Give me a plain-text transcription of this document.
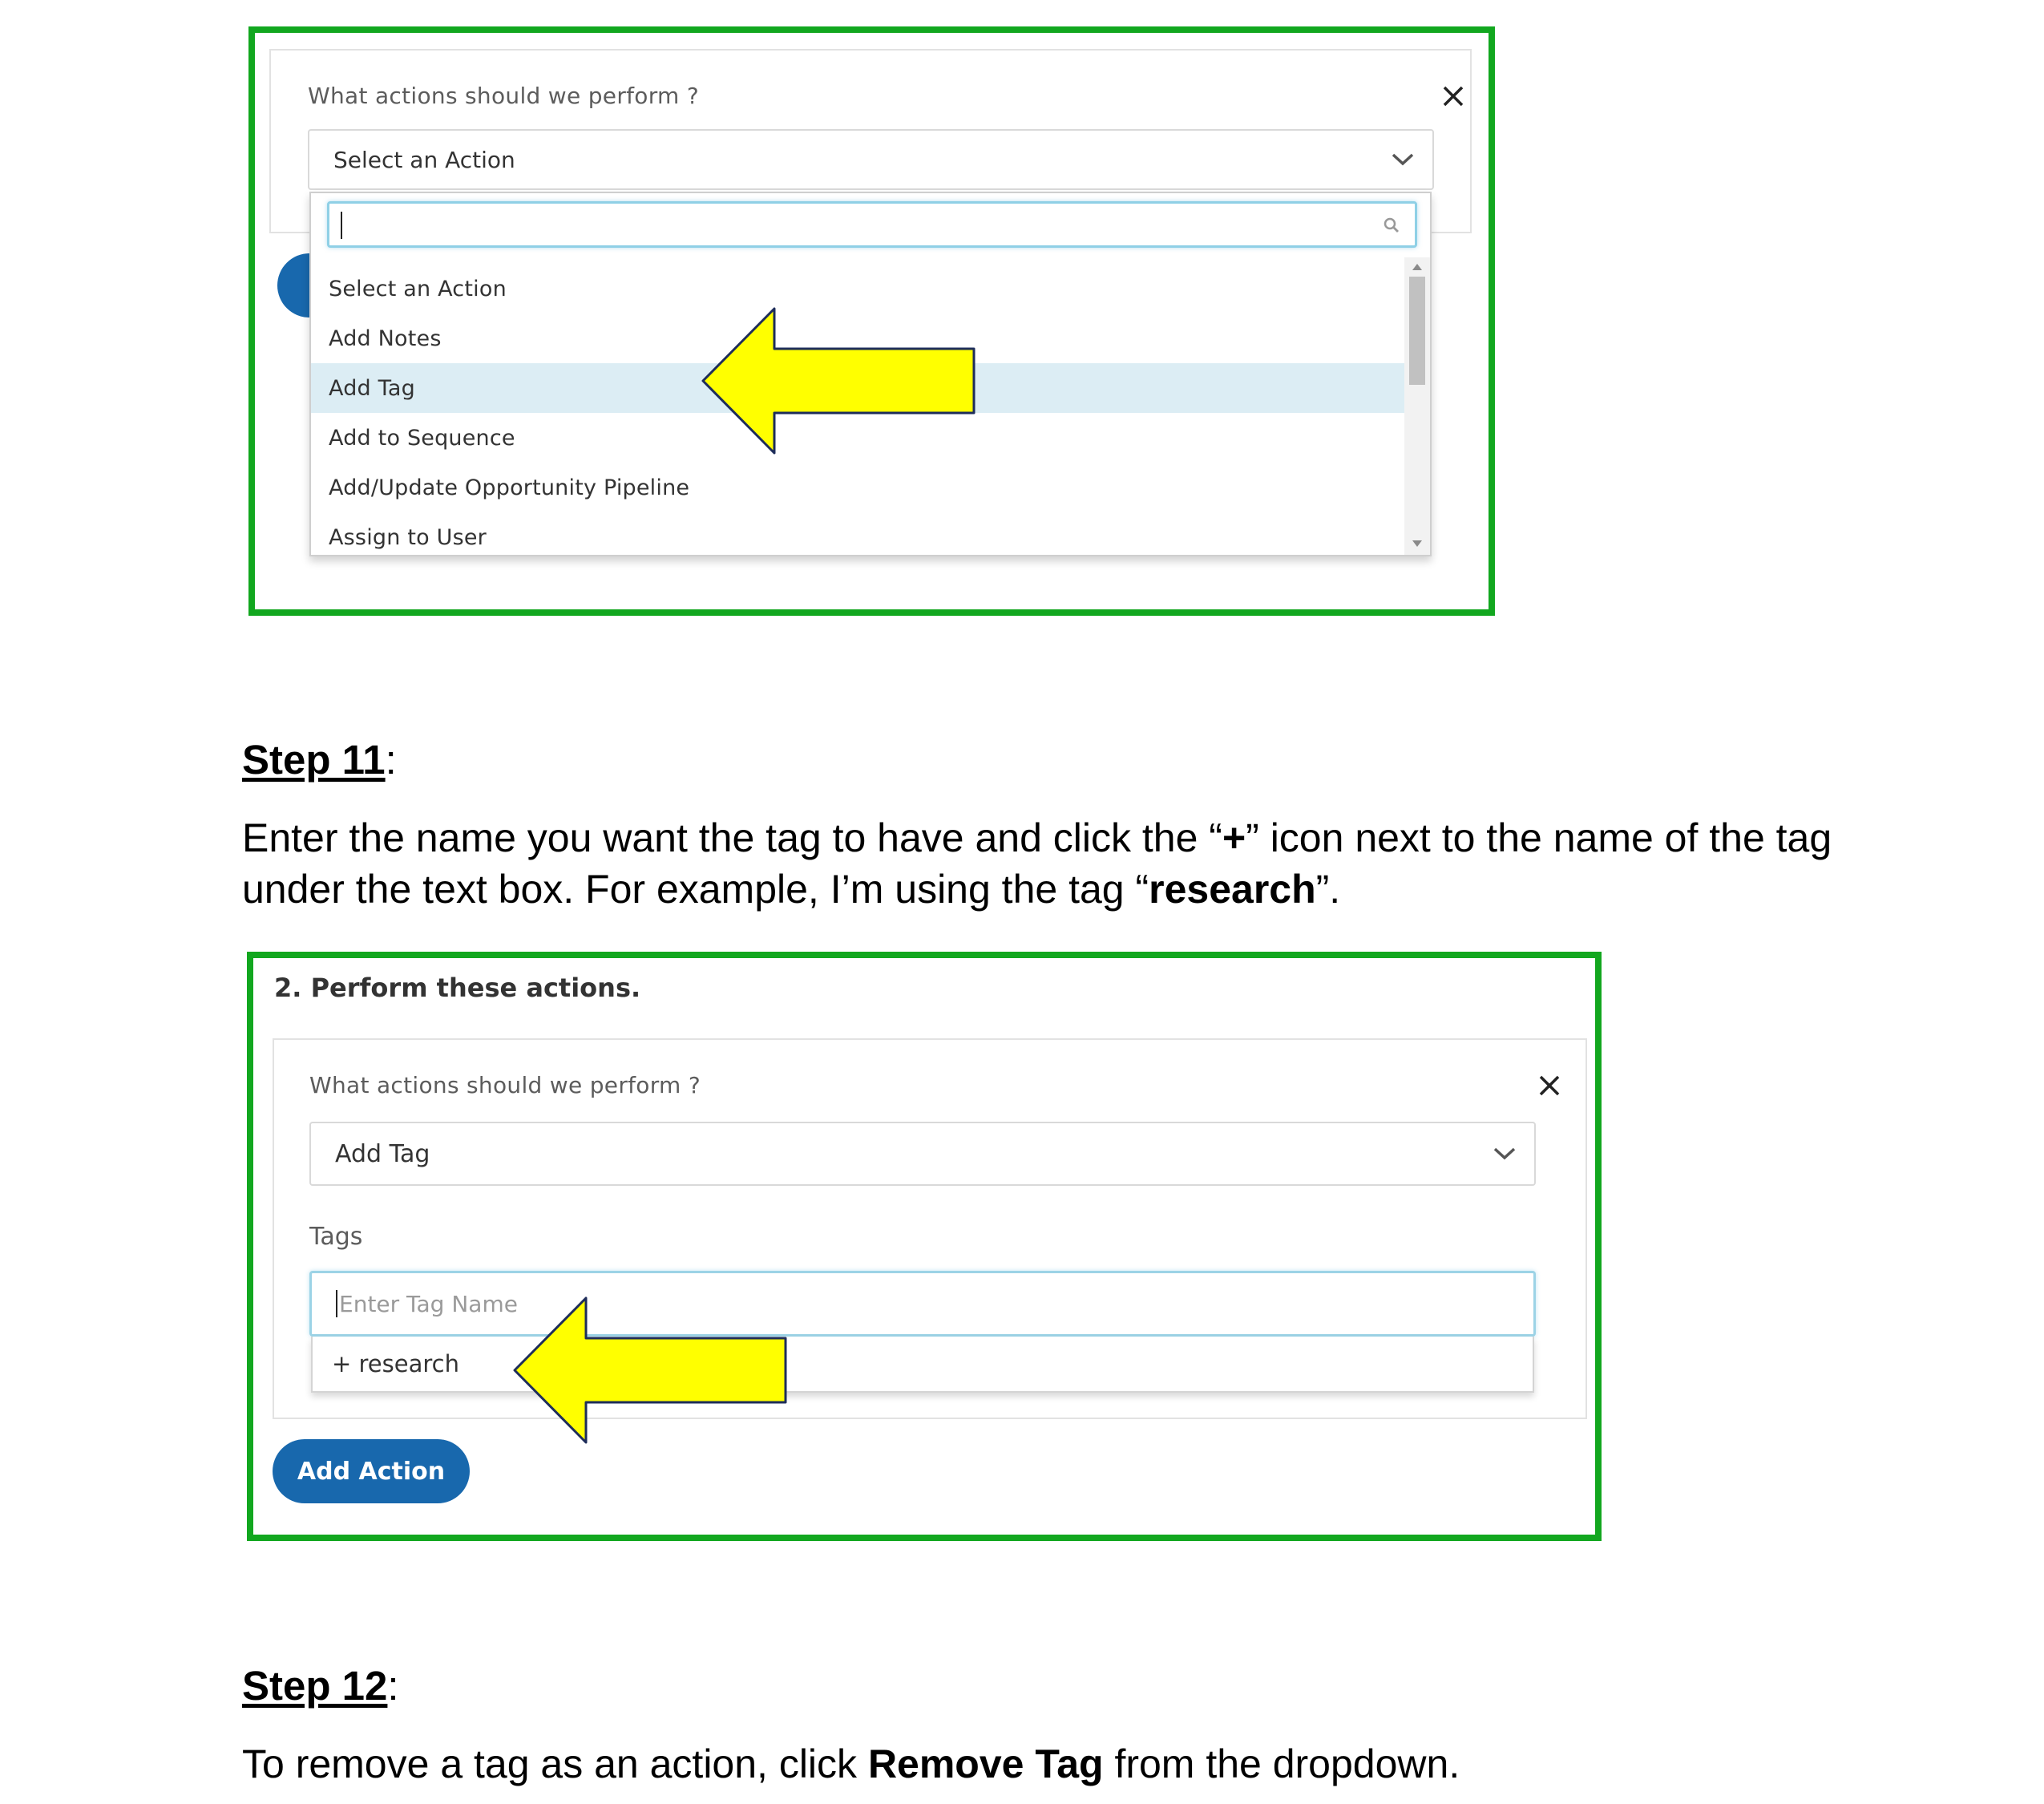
What actions should we perform ?
Select an Action
Select an Action
Add Notes
Add Tag
Add to Sequence
Add/Update Opportunity Pipeline
Assign to User
Step 11:
Enter the name you want the tag to have and click the “+” icon next to the name of the tag under the text box. For example, I’m using the tag “research”.
2. Perform these actions.
What actions should we perform ?
Add Tag
Tags
Enter Tag Name
+ research
Add Action
Step 12:
To remove a tag as an action, click Remove Tag from the dropdown.
